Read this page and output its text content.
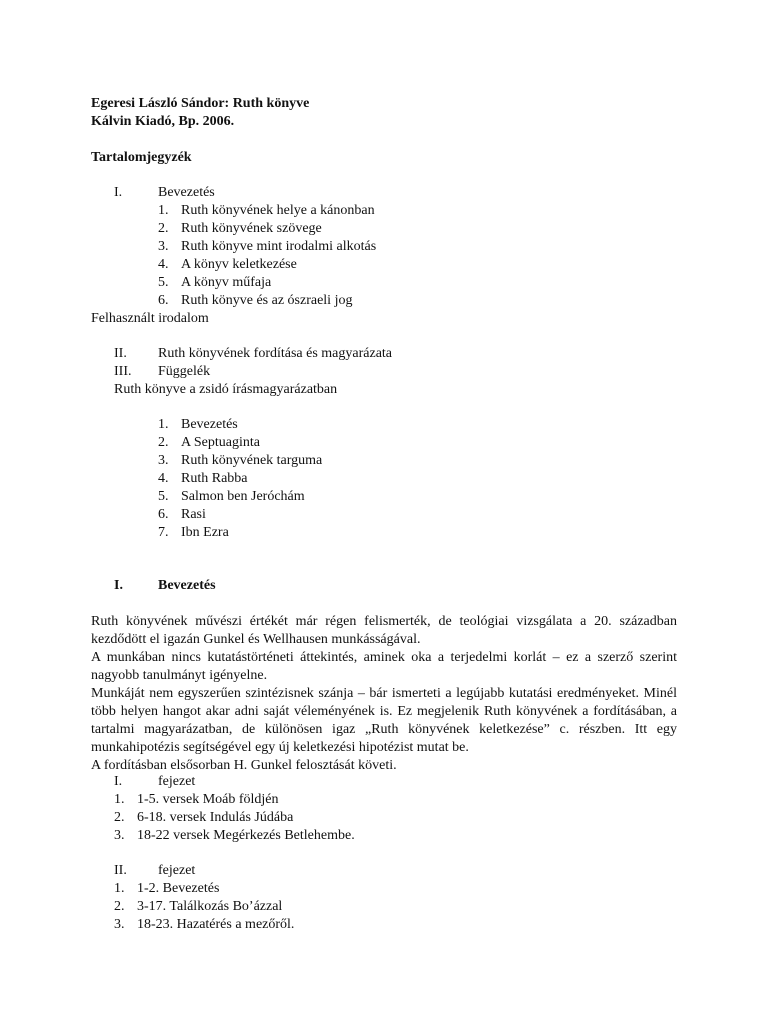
Egeresi László Sándor: Ruth könyve
Kálvin Kiadó, Bp. 2006.
Tartalomjegyzék
I.	Bevezetés
1. Ruth könyvének helye a kánonban
2. Ruth könyvének szövege
3. Ruth könyve mint irodalmi alkotás
4. A könyv keletkezése
5. A könyv műfaja
6. Ruth könyve és az ószraeli jog
Felhasznált irodalom
II. Ruth könyvének fordítása és magyarázata
III. Függelék
Ruth könyve a zsidó írásmagyarázatban
1. Bevezetés
2. A Septuaginta
3. Ruth könyvének targuma
4. Ruth Rabba
5. Salmon ben Jeróchám
6. Rasi
7. Ibn Ezra
I.	Bevezetés

Ruth könyvének művészi értékét már régen felismerték, de teológiai vizsgálata a 20. században kezdődött el igazán Gunkel és Wellhausen munkásságával.

A munkában nincs kutatástörténeti áttekintés, aminek oka a terjedelmi korlát – ez a szerző szerint nagyobb tanulmányt igényelne.

Munkáját nem egyszerűen szintézisnek szánja – bár ismerteti a legújabb kutatási eredményeket. Minél több helyen hangot akar adni saját véleményének is. Ez megjelenik Ruth könyvének a fordításában, a tartalmi magyarázatban, de különösen igaz „Ruth könyvének keletkezése” c. részben. Itt egy munkahipotézis segítségével egy új keletkezési hipotézist mutat be.

A fordításban elsősorban H. Gunkel felosztását követi.

I.	fejezet
1. 1-5. versek Moáb földjén
2. 6-18. versek Indulás Júdába
3. 18-22 versek Megérkezés Betlehembe.
II. fejezet
1. 1-2. Bevezetés
2. 3-17. Találkozás Bo’ázzal
3. 18-23. Hazatérés a mezőről.
